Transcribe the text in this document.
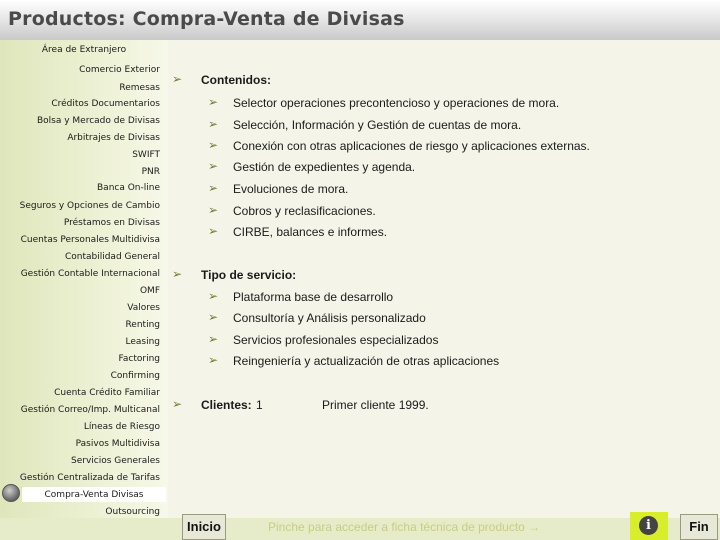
Productos: Compra-Venta de Divisas
Área de Extranjero
Comercio Exterior
Remesas
Créditos Documentarios
Bolsa y Mercado de Divisas
Arbitrajes de Divisas
SWIFT
PNR
Banca On-line
Seguros y Opciones de Cambio
Préstamos en Divisas
Cuentas Personales Multidivisa
Contabilidad General
Gestión Contable Internacional
OMF
Valores
Renting
Leasing
Factoring
Confirming
Cuenta Crédito Familiar
Gestión Correo/Imp. Multicanal
Líneas de Riesgo
Pasivos Multidivisa
Servicios Generales
Gestión Centralizada de Tarifas
Compra-Venta Divisas
Outsourcing
➢ Contenidos:
➢ Selector operaciones precontencioso y operaciones de mora.
➢ Selección, Información y Gestión de cuentas de mora.
➢ Conexión con otras aplicaciones de riesgo y aplicaciones externas.
➢ Gestión de expedientes y agenda.
➢ Evoluciones de mora.
➢ Cobros y reclasificaciones.
➢ CIRBE, balances e informes.
➢ Tipo de servicio:
➢ Plataforma base de desarrollo
➢ Consultoría y Análisis personalizado
➢ Servicios profesionales especializados
➢ Reingeniería y actualización de otras aplicaciones
➢ Clientes: 1	Primer cliente 1999.
Inicio	Pinche para acceder a ficha técnica de producto →	i	Fin
